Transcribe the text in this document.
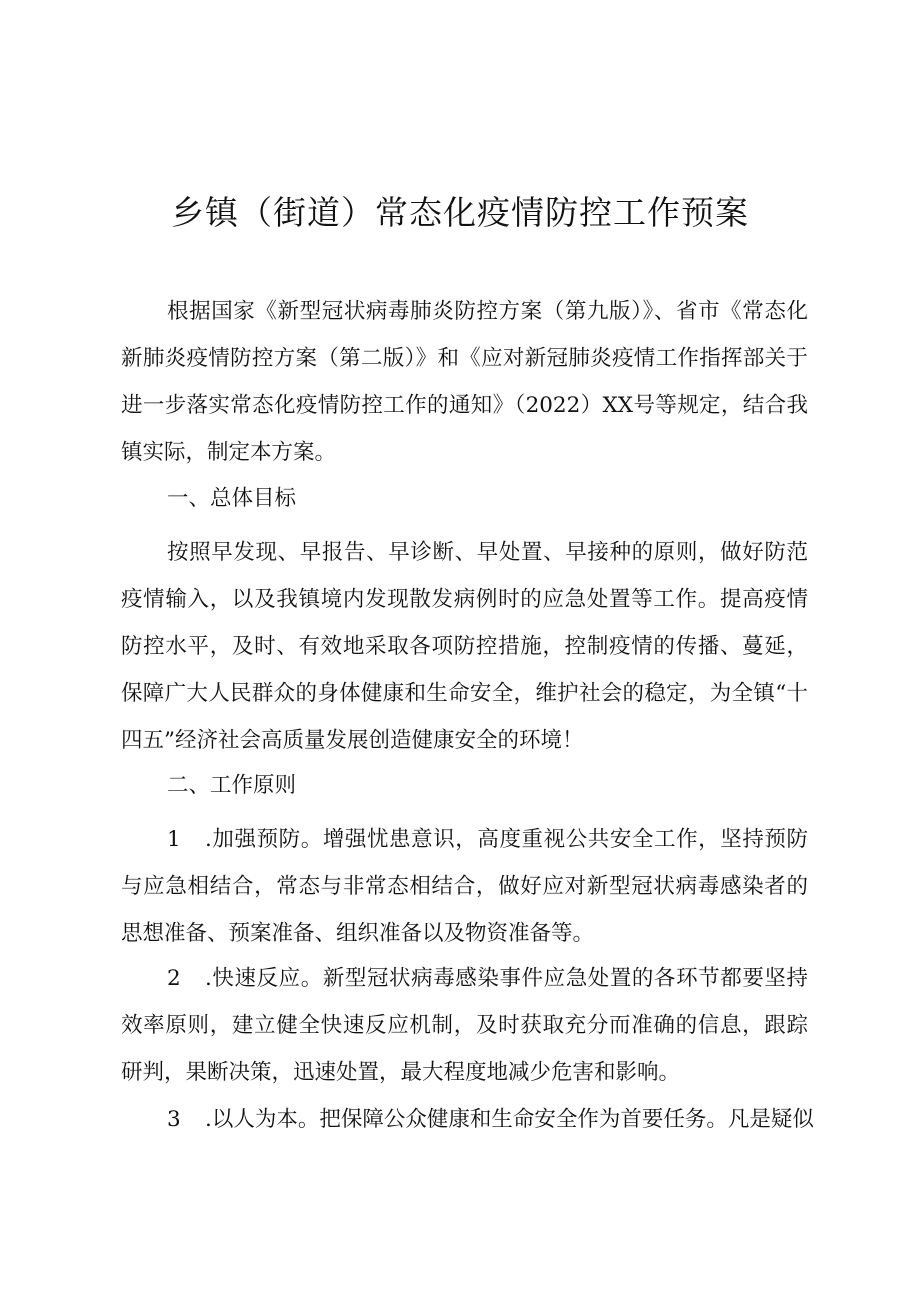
乡镇（街道）常态化疫情防控工作预案

根据国家《新型冠状病毒肺炎防控方案（第九版）》、省市《常态化新肺炎疫情防控方案（第二版）》和《应对新冠肺炎疫情工作指挥部关于进一步落实常态化疫情防控工作的通知》（2022）XX号等规定，结合我镇实际，制定本方案。

一、总体目标

按照早发现、早报告、早诊断、早处置、早接种的原则，做好防范疫情输入，以及我镇境内发现散发病例时的应急处置等工作。提高疫情防控水平，及时、有效地采取各项防控措施，控制疫情的传播、蔓延，保障广大人民群众的身体健康和生命安全，维护社会的稳定，为全镇“十四五”经济社会高质量发展创造健康安全的环境！

二、工作原则

1 .加强预防。增强忧患意识，高度重视公共安全工作，坚持预防与应急相结合，常态与非常态相结合，做好应对新型冠状病毒感染者的思想准备、预案准备、组织准备以及物资准备等。

2 .快速反应。新型冠状病毒感染事件应急处置的各环节都要坚持效率原则，建立健全快速反应机制，及时获取充分而准确的信息，跟踪研判，果断决策，迅速处置，最大程度地减少危害和影响。

3 .以人为本。把保障公众健康和生命安全作为首要任务。凡是疑似
